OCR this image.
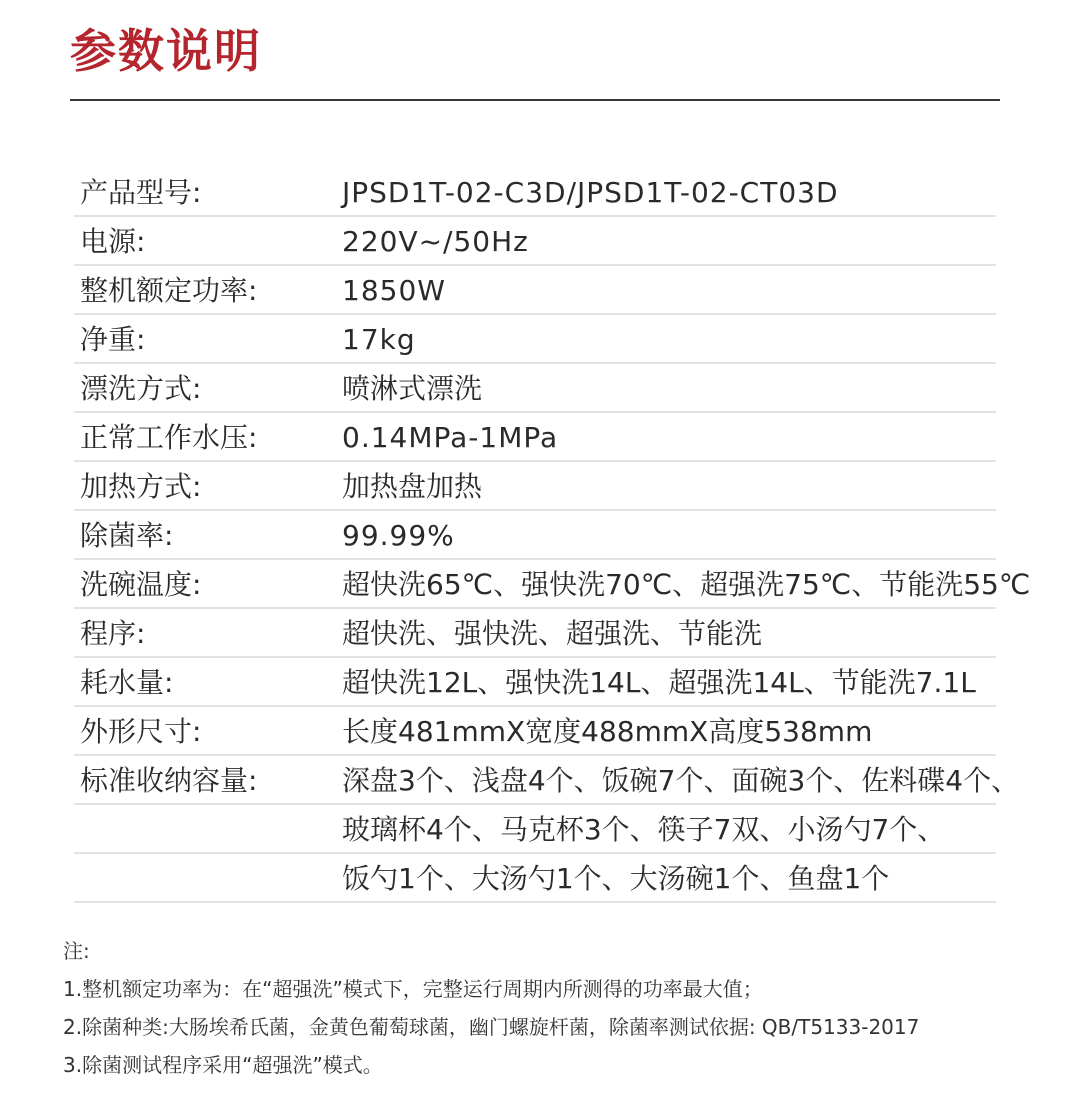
参数说明
产品型号:	JPSD1T-02-C3D/JPSD1T-02-CT03D
电源:	220V~/50Hz
整机额定功率:	1850W
净重:	17kg
漂洗方式:	喷淋式漂洗
正常工作水压:	0.14MPa-1MPa
加热方式:	加热盘加热
除菌率:	99.99%
洗碗温度:	超快洗65℃、强快洗70℃、超强洗75℃、节能洗55℃
程序:	超快洗、强快洗、超强洗、节能洗
耗水量:	超快洗12L、强快洗14L、超强洗14L、节能洗7.1L
外形尺寸:	长度481mmX宽度488mmX高度538mm
标准收纳容量:	深盘3个、浅盘4个、饭碗7个、面碗3个、佐料碟4个、
玻璃杯4个、马克杯3个、筷子7双、小汤勺7个、
饭勺1个、大汤勺1个、大汤碗1个、鱼盘1个
注:
1.整机额定功率为：在“超强洗”模式下，完整运行周期内所测得的功率最大值；
2.除菌种类:大肠埃希氏菌，金黄色葡萄球菌，幽门螺旋杆菌，除菌率测试依据: QB/T5133-2017
3.除菌测试程序采用“超强洗”模式。
